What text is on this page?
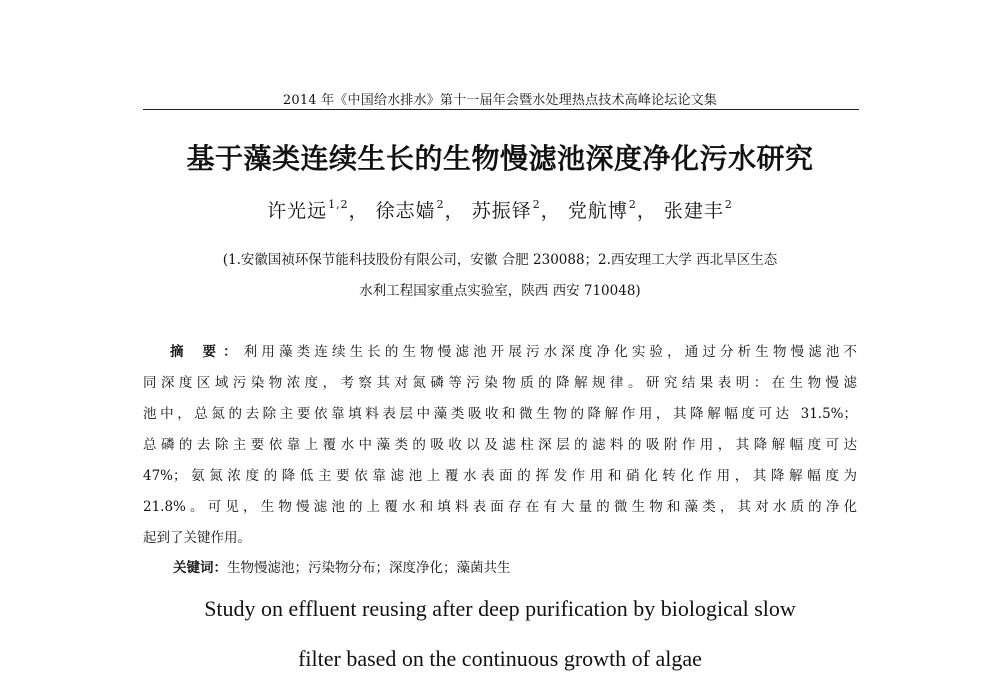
2014 年《中国给水排水》第十一届年会暨水处理热点技术高峰论坛论文集
基于藻类连续生长的生物慢滤池深度净化污水研究
许光远$^{1,2}$， 徐志嫱$^2$， 苏振铎$^2$， 党航博$^2$， 张建丰$^2$
(1.安徽国祯环保节能科技股份有限公司，安徽 合肥 230088；2.西安理工大学 西北旱区生态
水利工程国家重点实验室，陕西 西安 710048)
摘 要：利用藻类连续生长的生物慢滤池开展污水深度净化实验，通过分析生物慢滤池不
同深度区域污染物浓度，考察其对氮磷等污染物质的降解规律。研究结果表明：在生物慢滤
池中，总氮的去除主要依靠填料表层中藻类吸收和微生物的降解作用，其降解幅度可达 31.5%；
总磷的去除主要依靠上覆水中藻类的吸收以及滤柱深层的滤料的吸附作用，其降解幅度可达
47%；氨氮浓度的降低主要依靠滤池上覆水表面的挥发作用和硝化转化作用，其降解幅度为
21.8%。可见，生物慢滤池的上覆水和填料表面存在有大量的微生物和藻类，其对水质的净化
起到了关键作用。
关键词：生物慢滤池；污染物分布；深度净化；藻菌共生
Study on effluent reusing after deep purification by biological slow
filter based on the continuous growth of algae
